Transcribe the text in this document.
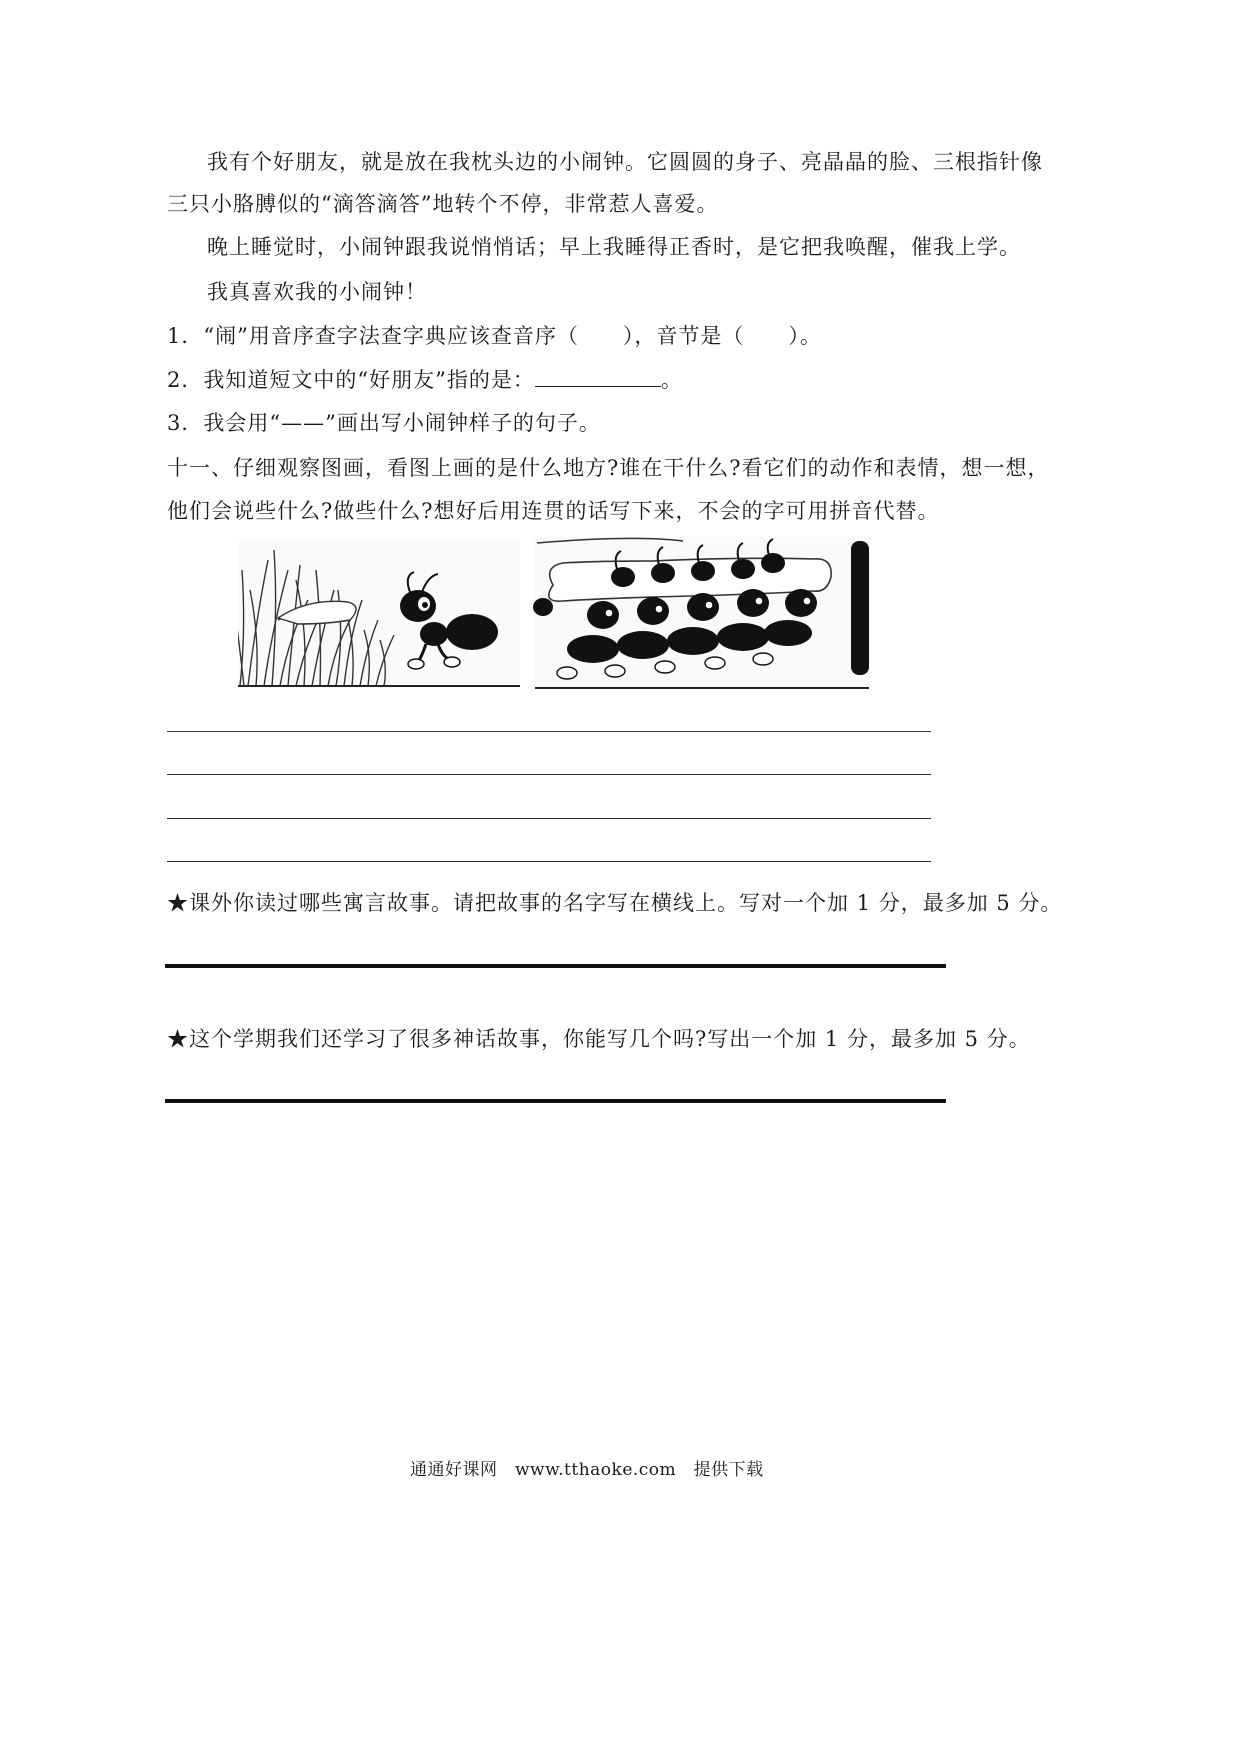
我有个好朋友，就是放在我枕头边的小闹钟。它圆圆的身子、亮晶晶的脸、三根指针像

三只小胳膊似的“滴答滴答”地转个不停，非常惹人喜爱。

晚上睡觉时，小闹钟跟我说悄悄话；早上我睡得正香时，是它把我唤醒，催我上学。

我真喜欢我的小闹钟！

1．“闹”用音序查字法查字典应该查音序（　　），音节是（　　）。

2．我知道短文中的“好朋友”指的是：	。

3．我会用“——”画出写小闹钟样子的句子。

十一、仔细观察图画，看图上画的是什么地方?谁在干什么?看它们的动作和表情，想一想，

他们会说些什么?做些什么?想好后用连贯的话写下来，不会的字可用拼音代替。

★课外你读过哪些寓言故事。请把故事的名字写在横线上。写对一个加 1 分，最多加 5 分。

★这个学期我们还学习了很多神话故事，你能写几个吗?写出一个加 1 分，最多加 5 分。

通通好课网　www.tthaoke.com　提供下载
